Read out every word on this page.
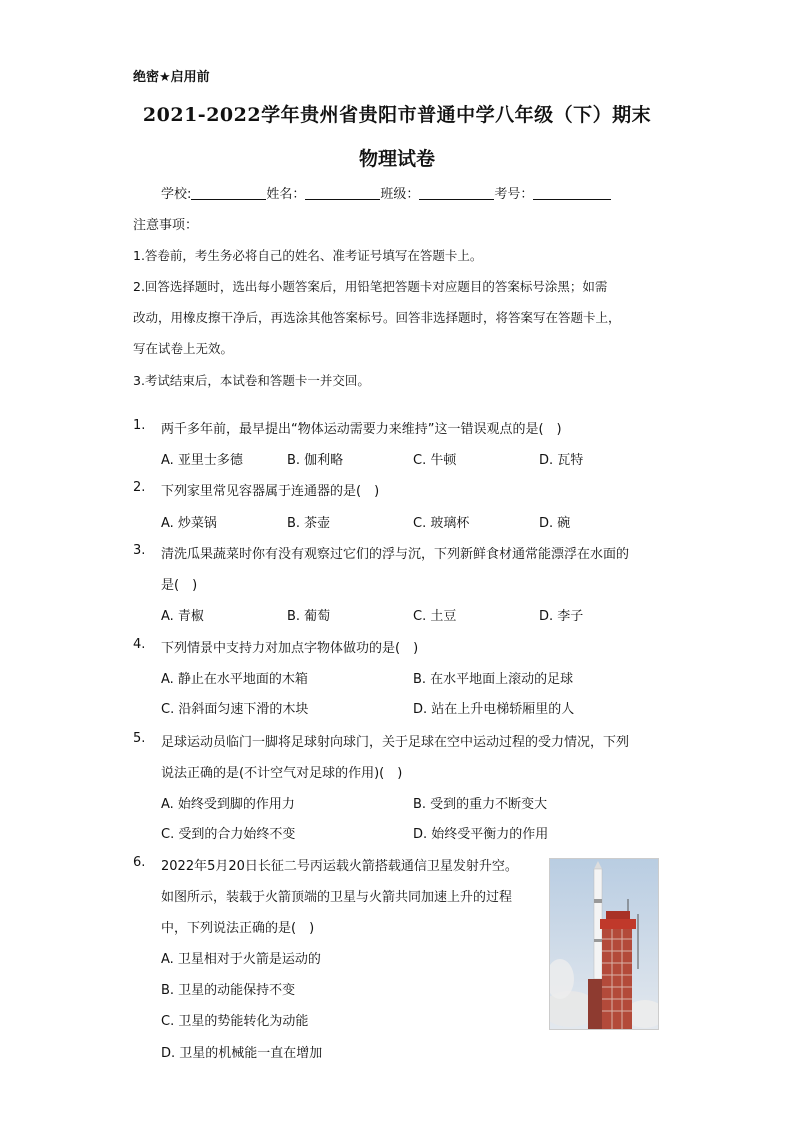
绝密★启用前
2021-2022学年贵州省贵阳市普通中学八年级（下）期末
物理试卷
学校:	姓名：	班级：	考号：
注意事项：
1.答卷前，考生务必将自己的姓名、准考证号填写在答题卡上。
2.回答选择题时，选出每小题答案后，用铅笔把答题卡对应题目的答案标号涂黑；如需
改动，用橡皮擦干净后，再选涂其他答案标号。回答非选择题时，将答案写在答题卡上，
写在试卷上无效。
3.考试结束后，本试卷和答题卡一并交回。
1. 两千多年前，最早提出“物体运动需要力来维持”这一错误观点的是(　)
A. 亚里士多德	B. 伽利略	C. 牛顿	D. 瓦特
2. 下列家里常见容器属于连通器的是(　)
A. 炒菜锅	B. 茶壶	C. 玻璃杯	D. 碗
3. 清洗瓜果蔬菜时你有没有观察过它们的浮与沉，下列新鲜食材通常能漂浮在水面的
是(　)
A. 青椒	B. 葡萄	C. 土豆	D. 李子
4. 下列情景中支持力对加点字物体做功的是(　)
A. 静止在水平地面的木箱	B. 在水平地面上滚动的足球
C. 沿斜面匀速下滑的木块	D. 站在上升电梯轿厢里的人
5. 足球运动员临门一脚将足球射向球门，关于足球在空中运动过程的受力情况，下列
说法正确的是(不计空气对足球的作用)(　)
A. 始终受到脚的作用力	B. 受到的重力不断变大
C. 受到的合力始终不变	D. 始终受平衡力的作用
6. 2022年5月20日长征二号丙运载火箭搭载通信卫星发射升空。
如图所示，装载于火箭顶端的卫星与火箭共同加速上升的过程
中，下列说法正确的是(　)
A. 卫星相对于火箭是运动的
B. 卫星的动能保持不变
C. 卫星的势能转化为动能
D. 卫星的机械能一直在增加
